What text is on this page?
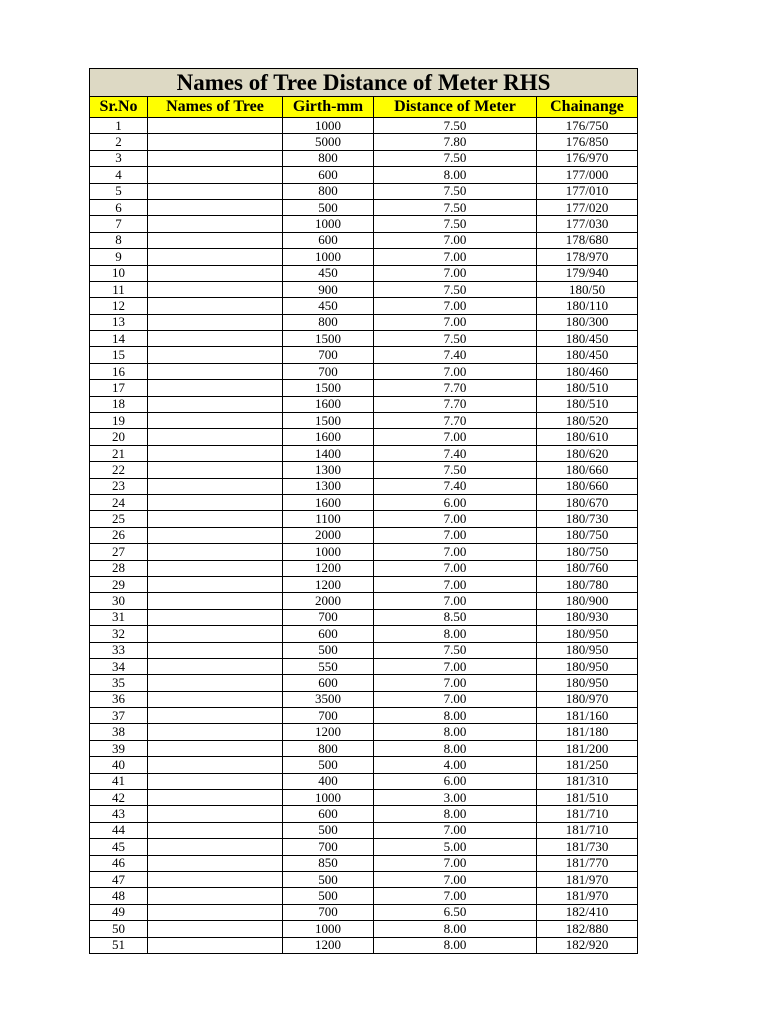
Names of Tree Distance of Meter RHS				
Sr.No	Names of Tree	Girth-mm	Distance of Meter	Chainange
1		1000	7.50	176/750
2		5000	7.80	176/850
3		800	7.50	176/970
4		600	8.00	177/000
5		800	7.50	177/010
6		500	7.50	177/020
7		1000	7.50	177/030
8		600	7.00	178/680
9		1000	7.00	178/970
10		450	7.00	179/940
11		900	7.50	180/50
12		450	7.00	180/110
13		800	7.00	180/300
14		1500	7.50	180/450
15		700	7.40	180/450
16		700	7.00	180/460
17		1500	7.70	180/510
18		1600	7.70	180/510
19		1500	7.70	180/520
20		1600	7.00	180/610
21		1400	7.40	180/620
22		1300	7.50	180/660
23		1300	7.40	180/660
24		1600	6.00	180/670
25		1100	7.00	180/730
26		2000	7.00	180/750
27		1000	7.00	180/750
28		1200	7.00	180/760
29		1200	7.00	180/780
30		2000	7.00	180/900
31		700	8.50	180/930
32		600	8.00	180/950
33		500	7.50	180/950
34		550	7.00	180/950
35		600	7.00	180/950
36		3500	7.00	180/970
37		700	8.00	181/160
38		1200	8.00	181/180
39		800	8.00	181/200
40		500	4.00	181/250
41		400	6.00	181/310
42		1000	3.00	181/510
43		600	8.00	181/710
44		500	7.00	181/710
45		700	5.00	181/730
46		850	7.00	181/770
47		500	7.00	181/970
48		500	7.00	181/970
49		700	6.50	182/410
50		1000	8.00	182/880
51		1200	8.00	182/920
